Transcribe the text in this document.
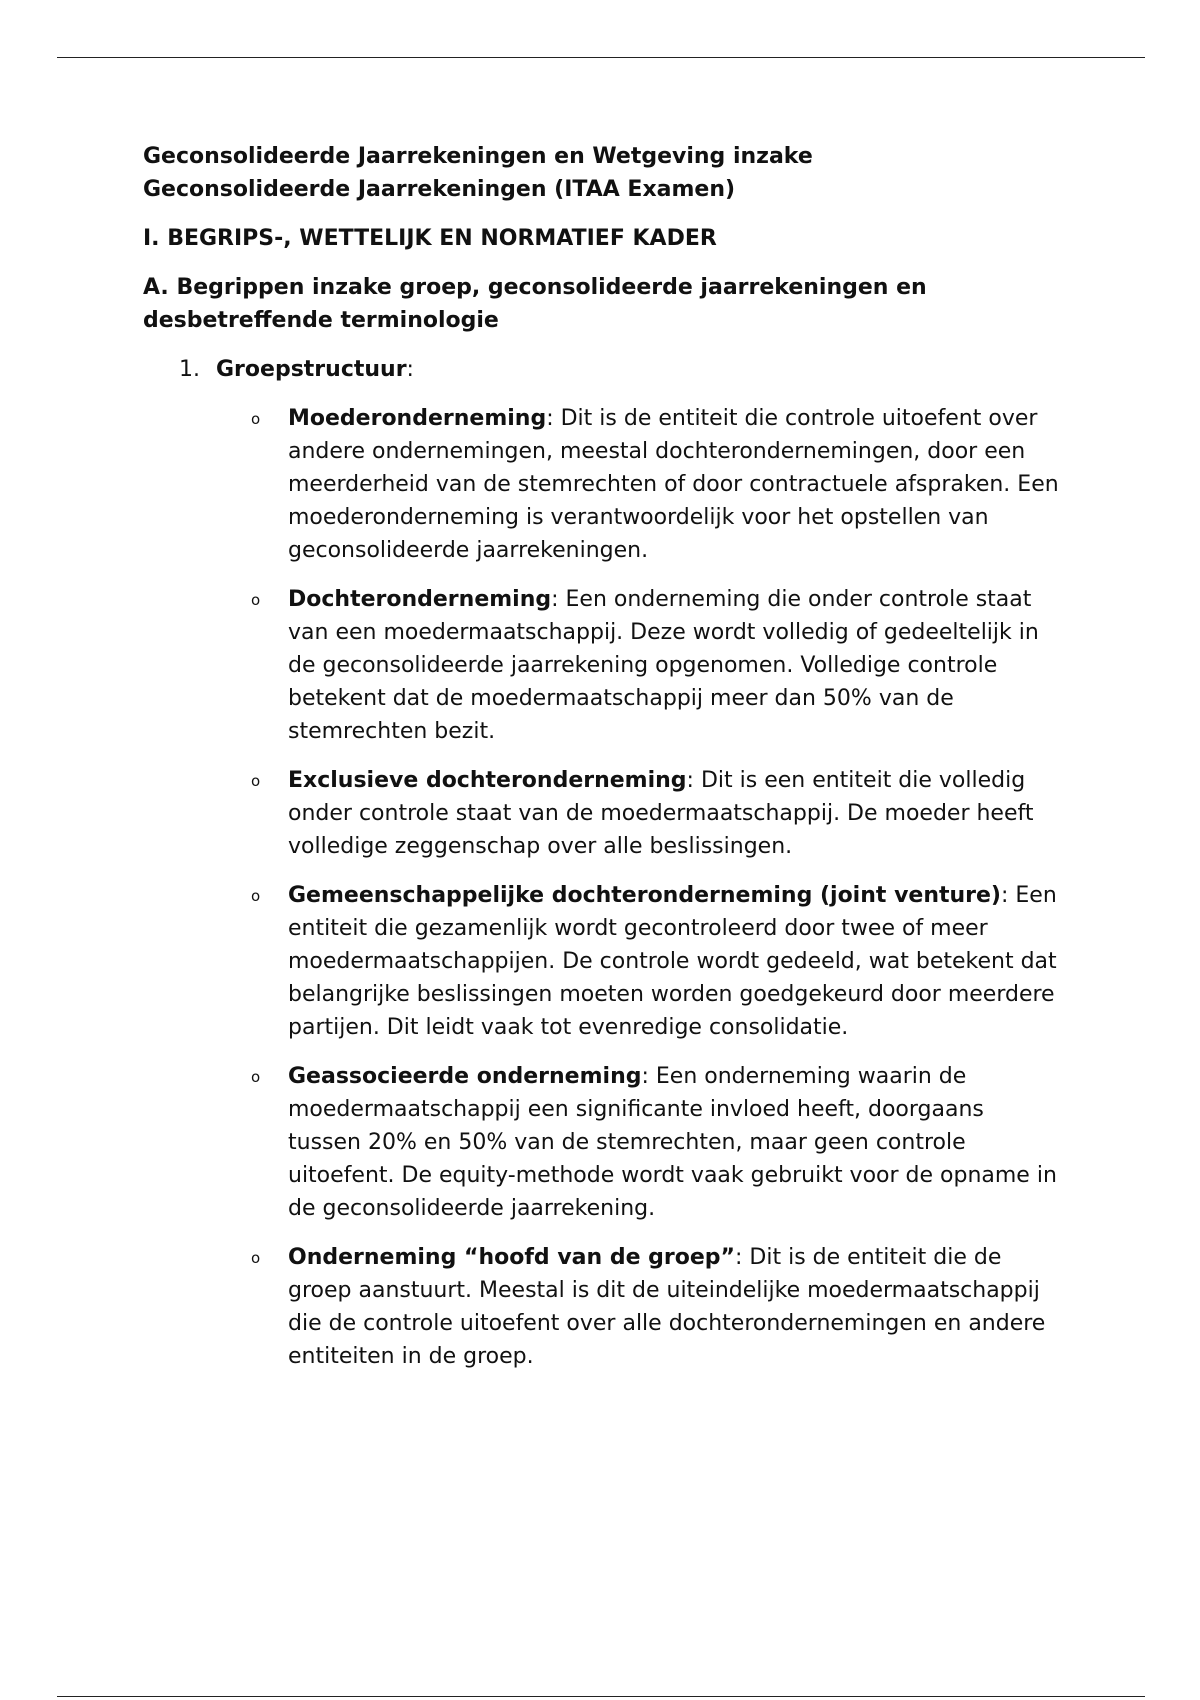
Geconsolideerde Jaarrekeningen en Wetgeving inzake Geconsolideerde Jaarrekeningen (ITAA Examen)
I. BEGRIPS-, WETTELIJK EN NORMATIEF KADER
A. Begrippen inzake groep, geconsolideerde jaarrekeningen en desbetreffende terminologie
1. Groepstructuur:
o Moederonderneming: Dit is de entiteit die controle uitoefent over andere ondernemingen, meestal dochterondernemingen, door een meerderheid van de stemrechten of door contractuele afspraken. Een moederonderneming is verantwoordelijk voor het opstellen van geconsolideerde jaarrekeningen.
o Dochteronderneming: Een onderneming die onder controle staat van een moedermaatschappij. Deze wordt volledig of gedeeltelijk in de geconsolideerde jaarrekening opgenomen. Volledige controle betekent dat de moedermaatschappij meer dan 50% van de stemrechten bezit.
o Exclusieve dochteronderneming: Dit is een entiteit die volledig onder controle staat van de moedermaatschappij. De moeder heeft volledige zeggenschap over alle beslissingen.
o Gemeenschappelijke dochteronderneming (joint venture): Een entiteit die gezamenlijk wordt gecontroleerd door twee of meer moedermaatschappijen. De controle wordt gedeeld, wat betekent dat belangrijke beslissingen moeten worden goedgekeurd door meerdere partijen. Dit leidt vaak tot evenredige consolidatie.
o Geassocieerde onderneming: Een onderneming waarin de moedermaatschappij een significante invloed heeft, doorgaans tussen 20% en 50% van de stemrechten, maar geen controle uitoefent. De equity-methode wordt vaak gebruikt voor de opname in de geconsolideerde jaarrekening.
o Onderneming “hoofd van de groep”: Dit is de entiteit die de groep aanstuurt. Meestal is dit de uiteindelijke moedermaatschappij die de controle uitoefent over alle dochterondernemingen en andere entiteiten in de groep.
